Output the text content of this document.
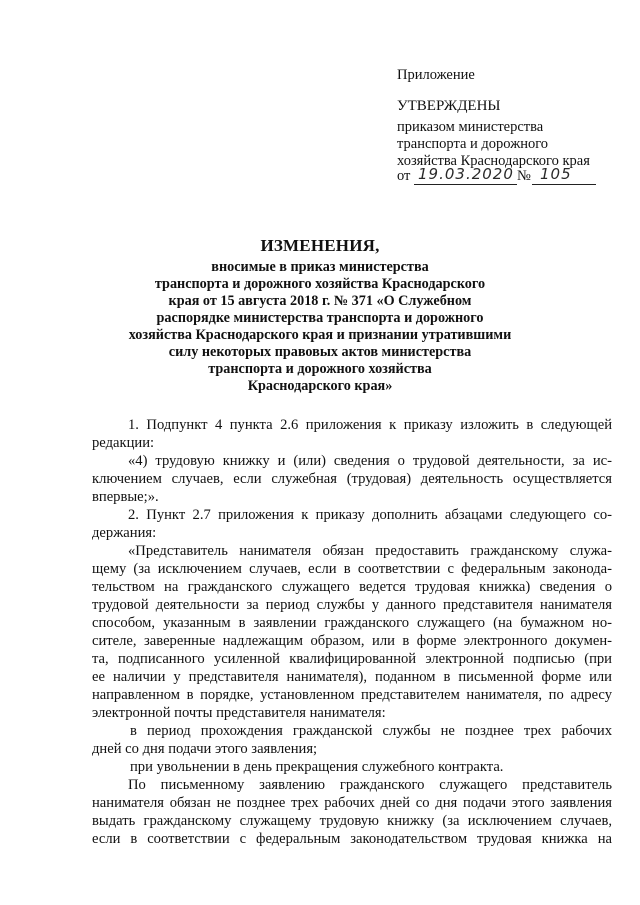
Приложение
УТВЕРЖДЕНЫ
приказом министерства
транспорта и дорожного
хозяйства Краснодарского края
от 19.03.2020 № 105
ИЗМЕНЕНИЯ,
вносимые в приказ министерства
транспорта и дорожного хозяйства Краснодарского
края от 15 августа 2018 г. № 371 «О Служебном
распорядке министерства транспорта и дорожного
хозяйства Краснодарского края и признании утратившими
силу некоторых правовых актов министерства
транспорта и дорожного хозяйства
Краснодарского края»
1. Подпункт 4 пункта 2.6 приложения к приказу изложить в следующей
редакции:
«4) трудовую книжку и (или) сведения о трудовой деятельности, за ис-
ключением случаев, если служебная (трудовая) деятельность осуществляется
впервые;».
2. Пункт 2.7 приложения к приказу дополнить абзацами следующего со-
держания:
«Представитель нанимателя обязан предоставить гражданскому служа-
щему (за исключением случаев, если в соответствии с федеральным законода-
тельством на гражданского служащего ведется трудовая книжка) сведения о
трудовой деятельности за период службы у данного представителя нанимателя
способом, указанным в заявлении гражданского служащего (на бумажном но-
сителе, заверенные надлежащим образом, или в форме электронного докумен-
та, подписанного усиленной квалифицированной электронной подписью (при
ее наличии у представителя нанимателя), поданном в письменной форме или
направленном в порядке, установленном представителем нанимателя, по адресу
электронной почты представителя нанимателя:
в период прохождения гражданской службы не позднее трех рабочих
дней со дня подачи этого заявления;
при увольнении в день прекращения служебного контракта.
По письменному заявлению гражданского служащего представитель
нанимателя обязан не позднее трех рабочих дней со дня подачи этого заявления
выдать гражданскому служащему трудовую книжку (за исключением случаев,
если в соответствии с федеральным законодательством трудовая книжка на
